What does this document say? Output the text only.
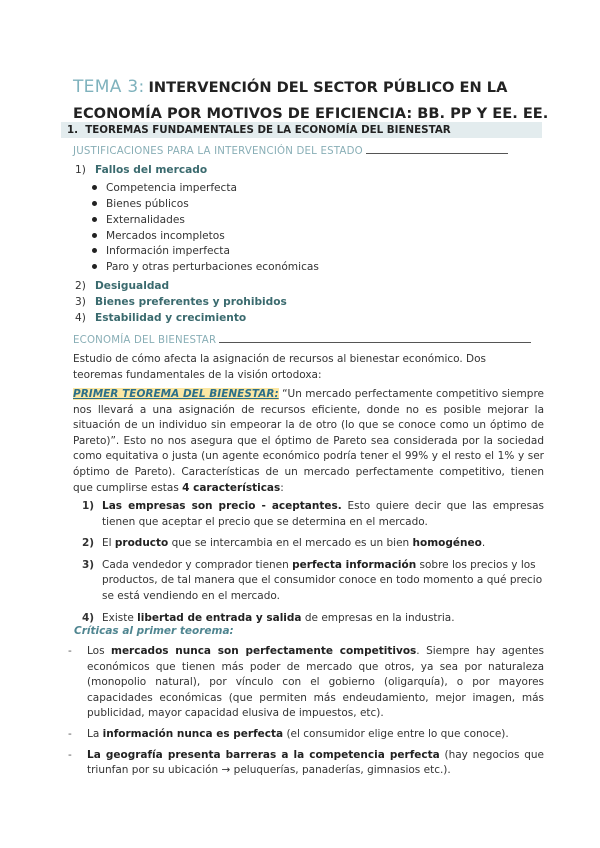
TEMA 3: INTERVENCIÓN DEL SECTOR PÚBLICO EN LA
ECONOMÍA POR MOTIVOS DE EFICIENCIA: BB. PP Y EE. EE.
1. TEOREMAS FUNDAMENTALES DE LA ECONOMÍA DEL BIENESTAR
JUSTIFICACIONES PARA LA INTERVENCIÓN DEL ESTADO
1) Fallos del mercado
Competencia imperfecta
Bienes públicos
Externalidades
Mercados incompletos
Información imperfecta
Paro y otras perturbaciones económicas
2) Desigualdad
3) Bienes preferentes y prohibidos
4) Estabilidad y crecimiento
ECONOMÍA DEL BIENESTAR
Estudio de cómo afecta la asignación de recursos al bienestar económico. Dos teoremas fundamentales de la visión ortodoxa:
PRIMER TEOREMA DEL BIENESTAR: “Un mercado perfectamente competitivo siempre nos llevará a una asignación de recursos eficiente, donde no es posible mejorar la situación de un individuo sin empeorar la de otro (lo que se conoce como un óptimo de Pareto)”. Esto no nos asegura que el óptimo de Pareto sea considerada por la sociedad como equitativa o justa (un agente económico podría tener el 99% y el resto el 1% y ser óptimo de Pareto). Características de un mercado perfectamente competitivo, tienen que cumplirse estas 4 características:
1) Las empresas son precio - aceptantes. Esto quiere decir que las empresas tienen que aceptar el precio que se determina en el mercado.
2) El producto que se intercambia en el mercado es un bien homogéneo.
3) Cada vendedor y comprador tienen perfecta información sobre los precios y los productos, de tal manera que el consumidor conoce en todo momento a qué precio se está vendiendo en el mercado.
4) Existe libertad de entrada y salida de empresas en la industria.
Críticas al primer teorema:
- Los mercados nunca son perfectamente competitivos. Siempre hay agentes económicos que tienen más poder de mercado que otros, ya sea por naturaleza (monopolio natural), por vínculo con el gobierno (oligarquía), o por mayores capacidades económicas (que permiten más endeudamiento, mejor imagen, más publicidad, mayor capacidad elusiva de impuestos, etc).
- La información nunca es perfecta (el consumidor elige entre lo que conoce).
- La geografía presenta barreras a la competencia perfecta (hay negocios que triunfan por su ubicación → peluquerías, panaderías, gimnasios etc.).
